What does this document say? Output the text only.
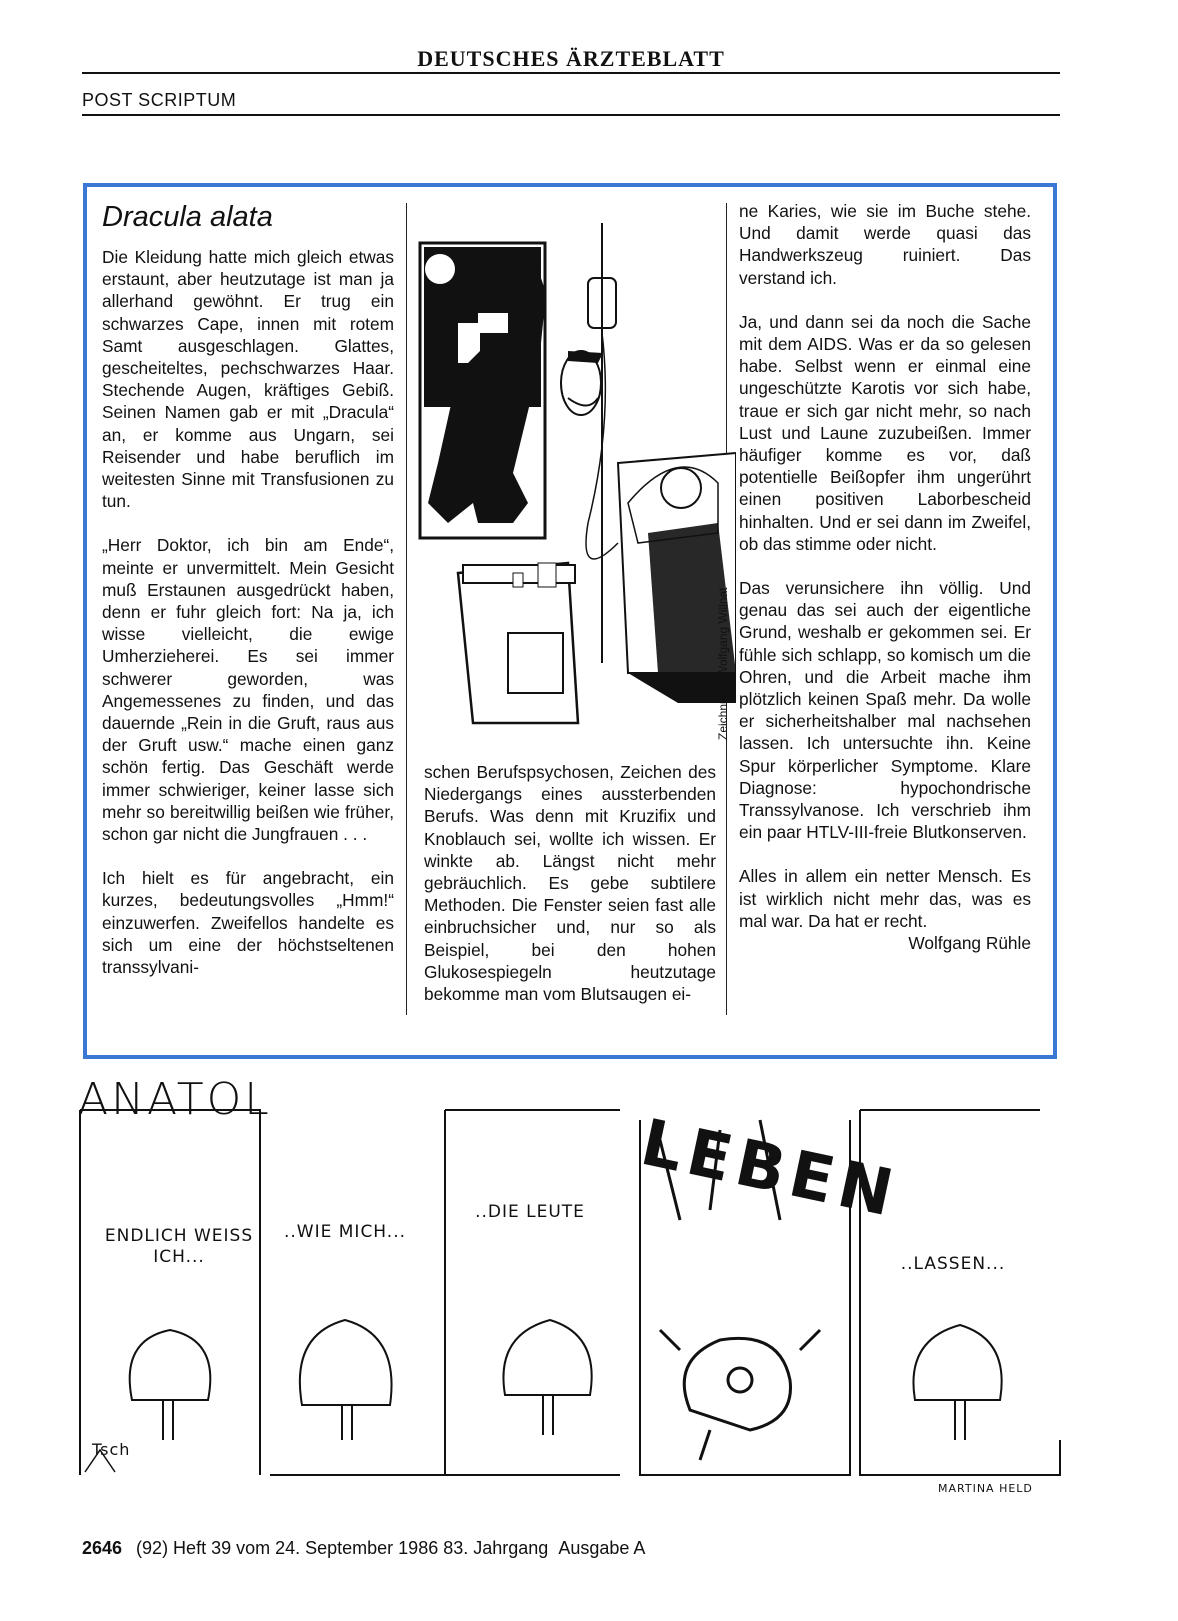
DEUTSCHES ÄRZTEBLATT
POST SCRIPTUM
Dracula alata

Die Kleidung hatte mich gleich etwas erstaunt, aber heutzutage ist man ja allerhand gewöhnt. Er trug ein schwarzes Cape, innen mit rotem Samt ausgeschlagen. Glattes, gescheiteltes, pechschwarzes Haar. Stechende Augen, kräftiges Gebiß. Seinen Namen gab er mit „Dracula“ an, er komme aus Ungarn, sei Reisender und habe beruflich im weitesten Sinne mit Transfusionen zu tun.

„Herr Doktor, ich bin am Ende“, meinte er unvermittelt. Mein Gesicht muß Erstaunen ausgedrückt haben, denn er fuhr gleich fort: Na ja, ich wisse vielleicht, die ewige Umherzieherei. Es sei immer schwerer geworden, was Angemessenes zu finden, und das dauernde „Rein in die Gruft, raus aus der Gruft usw.“ mache einen ganz schön fertig. Das Geschäft werde immer schwieriger, keiner lasse sich mehr so bereitwillig beißen wie früher, schon gar nicht die Jungfrauen . . .

Ich hielt es für angebracht, ein kurzes, bedeutungsvolles „Hmm!“ einzuwerfen. Zweifellos handelte es sich um eine der höchstseltenen transsylvani-

Zeichnung: Wolfgang Willnat

schen Berufspsychosen, Zeichen des Niedergangs eines aussterbenden Berufs. Was denn mit Kruzifix und Knoblauch sei, wollte ich wissen. Er winkte ab. Längst nicht mehr gebräuchlich. Es gebe subtilere Methoden. Die Fenster seien fast alle einbruchsicher und, nur so als Beispiel, bei den hohen Glukosespiegeln heutzutage bekomme man vom Blutsaugen ei-

ne Karies, wie sie im Buche stehe. Und damit werde quasi das Handwerkszeug ruiniert. Das verstand ich.

Ja, und dann sei da noch die Sache mit dem AIDS. Was er da so gelesen habe. Selbst wenn er einmal eine ungeschützte Karotis vor sich habe, traue er sich gar nicht mehr, so nach Lust und Laune zuzubeißen. Immer häufiger komme es vor, daß potentielle Beißopfer ihm ungerührt einen positiven Laborbescheid hinhalten. Und er sei dann im Zweifel, ob das stimme oder nicht.

Das verunsichere ihn völlig. Und genau das sei auch der eigentliche Grund, weshalb er gekommen sei. Er fühle sich schlapp, so komisch um die Ohren, und die Arbeit mache ihm plötzlich keinen Spaß mehr. Da wolle er sicherheitshalber mal nachsehen lassen. Ich untersuchte ihn. Keine Spur körperlicher Symptome. Klare Diagnose: hypochondrische Transsylvanose. Ich verschrieb ihm ein paar HTLV-III-freie Blutkonserven.

Alles in allem ein netter Mensch. Es ist wirklich nicht mehr das, was es mal war. Da hat er recht.

Wolfgang Rühle
ANATOL
ENDLICH WEISS ICH...
..WIE MICH...
..DIE LEUTE LEBEN
..LASSEN...
Tsch
MARTINA HELD
2646 (92) Heft 39 vom 24. September 1986 83. Jahrgang Ausgabe A
